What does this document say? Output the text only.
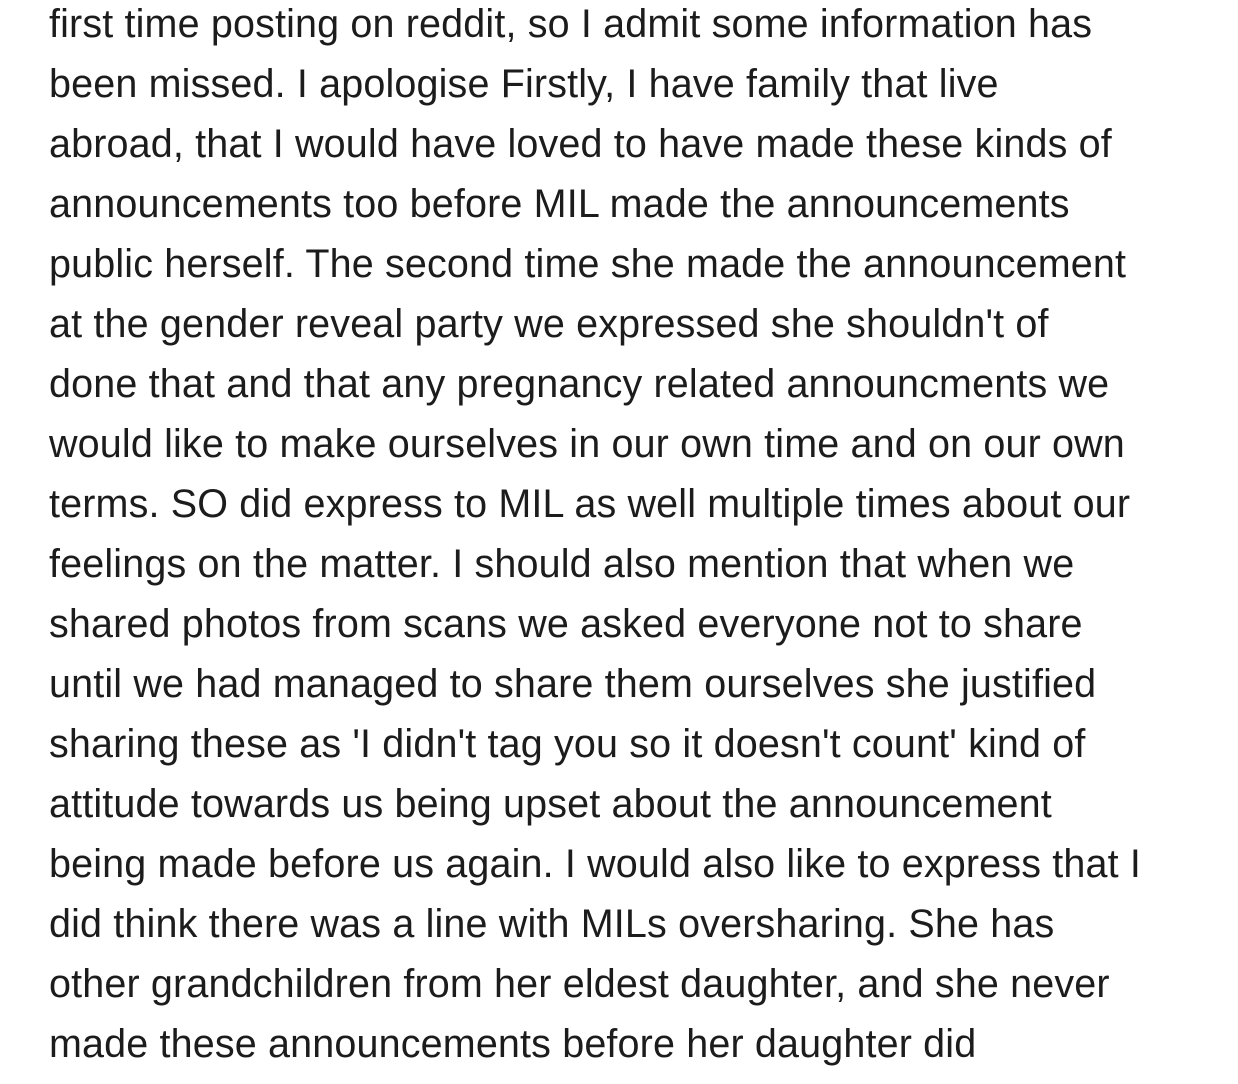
first time posting on reddit, so I admit some information has
been missed. I apologise Firstly, I have family that live
abroad, that I would have loved to have made these kinds of
announcements too before MIL made the announcements
public herself. The second time she made the announcement
at the gender reveal party we expressed she shouldn't of
done that and that any pregnancy related announcments we
would like to make ourselves in our own time and on our own
terms. SO did express to MIL as well multiple times about our
feelings on the matter. I should also mention that when we
shared photos from scans we asked everyone not to share
until we had managed to share them ourselves she justified
sharing these as 'I didn't tag you so it doesn't count' kind of
attitude towards us being upset about the announcement
being made before us again. I would also like to express that I
did think there was a line with MILs oversharing. She has
other grandchildren from her eldest daughter, and she never
made these announcements before her daughter did
